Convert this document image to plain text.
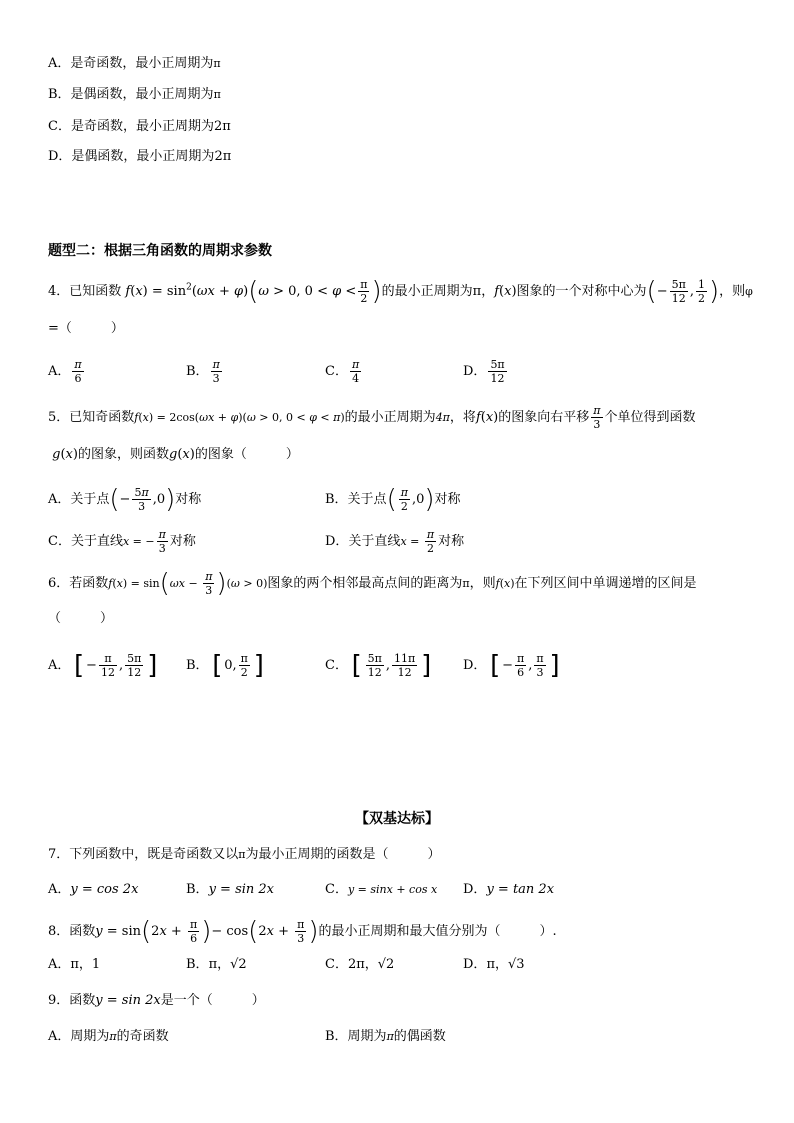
A．是奇函数，最小正周期为π
B．是偶函数，最小正周期为π
C．是奇函数，最小正周期为2π
D．是偶函数，最小正周期为2π
题型二：根据三角函数的周期求参数
4．已知函数 $f(x) = \sin^2(\omega x + \varphi)(\omega > 0$, $0 < \varphi < \frac{\pi}{2}$ )的最小正周期为π，f(x)图象的一个对称中心为(− $\frac{5\pi}{12}$ , $\frac{1}{2}$ )，则φ
=（　　　）
A． $\frac{\pi}{6}$	B． $\frac{\pi}{3}$	C． $\frac{\pi}{4}$	D． $\frac{5\pi}{12}$
5．已知奇函数f(x) = 2cos(ωx + φ)(ω > 0, 0 < φ < π)的最小正周期为4π，将f(x)的图象向右平移 $\frac{\pi}{3}$ 个单位得到函数
g(x)的图象，则函数g(x)的图象（　　　）
A．关于点(− $\frac{5\pi}{3} ,0$)对称	B．关于点( $\frac{\pi}{2} ,0$)对称
C．关于直线x = − $\frac{\pi}{3}$ 对称	D．关于直线$x = \frac{\pi}{2}$ 对称
6．若函数$f(x) = \sin(\omega x - \frac{\pi}{3} )(\omega > 0)$图象的两个相邻最高点间的距离为π，则f(x)在下列区间中单调递增的区间是
（　　　）
A．[− $\frac{\pi}{12}$ , $\frac{5\pi}{12}$ ] B．[0, $\frac{\pi}{2}$ ]	C．[ $\frac{5\pi}{12}$ , $\frac{11\pi}{12}$ ] D．[− $\frac{\pi}{6}$ , $\frac{\pi}{3}$ ]
【双基达标】
7．下列函数中，既是奇函数又以π为最小正周期的函数是（　　　）
A．y = cos 2x	B．y = sin 2x	C．y = sinx + cos x D．y = tan 2x
8．函数$y = \sin(2x + \frac{\pi}{6}$ )− $\cos(2x + \frac{\pi}{3}$ )的最小正周期和最大值分别为（　　　）.
A．π，1	B．π，√2	C．2π，√2	D．π，√3
9．函数y = sin 2x是一个（　　　）
A．周期为π的奇函数	B．周期为π的偶函数
